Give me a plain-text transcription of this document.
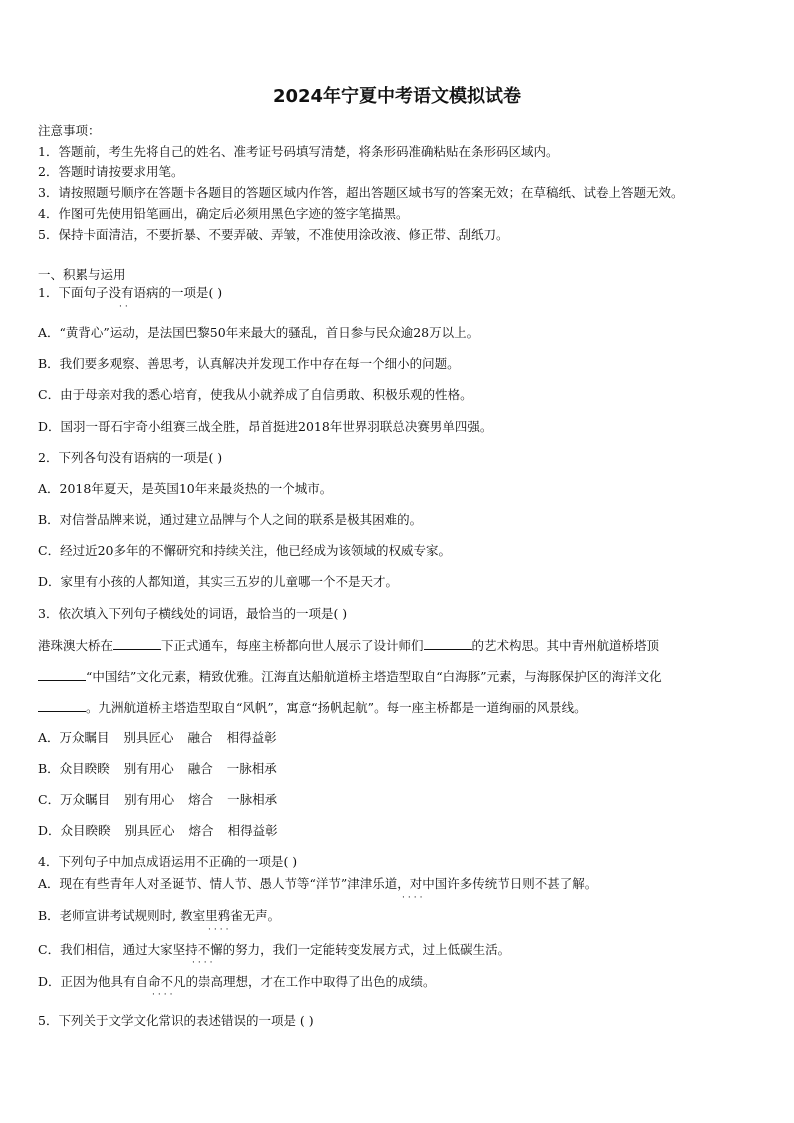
2024年宁夏中考语文模拟试卷
注意事项：
1．答题前，考生先将自己的姓名、准考证号码填写清楚，将条形码准确粘贴在条形码区域内。
2．答题时请按要求用笔。
3．请按照题号顺序在答题卡各题目的答题区域内作答，超出答题区域书写的答案无效；在草稿纸、试卷上答题无效。
4．作图可先使用铅笔画出，确定后必须用黑色字迹的签字笔描黑。
5．保持卡面清洁，不要折暴、不要弄破、弄皱，不准使用涂改液、修正带、刮纸刀。
一、积累与运用
1．下面句子没有语病的一项是( )
··
A．“黄背心”运动，是法国巴黎50年来最大的骚乱，首日参与民众逾28万以上。
B．我们要多观察、善思考，认真解决并发现工作中存在每一个细小的问题。
C．由于母亲对我的悉心培育，使我从小就养成了自信勇敢、积极乐观的性格。
D．国羽一哥石宇奇小组赛三战全胜，昂首挺进2018年世界羽联总决赛男单四强。
2．下列各句没有语病的一项是( )
A．2018年夏天，是英国10年来最炎热的一个城市。
B．对信誉品牌来说，通过建立品牌与个人之间的联系是极其困难的。
C．经过近20多年的不懈研究和持续关注，他已经成为该领域的权威专家。
D．家里有小孩的人都知道，其实三五岁的儿童哪一个不是天才。
3．依次填入下列句子横线处的词语，最恰当的一项是( )
港珠澳大桥在	下正式通车，每座主桥都向世人展示了设计师们	的艺术构思。其中青州航道桥塔顶
“中国结”文化元素，精致优雅。江海直达船航道桥主塔造型取自“白海豚”元素，与海豚保护区的海洋文化
。九洲航道桥主塔造型取自“风帆”，寓意“扬帆起航”。每一座主桥都是一道绚丽的风景线。
A．万众瞩目 别具匠心 融合 相得益彰
B．众目睽睽 别有用心 融合 一脉相承
C．万众瞩目 别有用心 熔合 一脉相承
D．众目睽睽 别具匠心 熔合 相得益彰
4．下列句子中加点成语运用不正确的一项是( )
A．现在有些青年人对圣诞节、情人节、愚人节等“洋节”津津乐道，对中国许多传统节日则不甚了解。
····
B．老师宣讲考试规则时, 教室里鸦雀无声。
····
C．我们相信，通过大家坚持不懈的努力，我们一定能转变发展方式，过上低碳生活。
····
D．正因为他具有自命不凡的崇高理想，才在工作中取得了出色的成绩。
····
5．下列关于文学文化常识的表述错误的一项是 ( )
